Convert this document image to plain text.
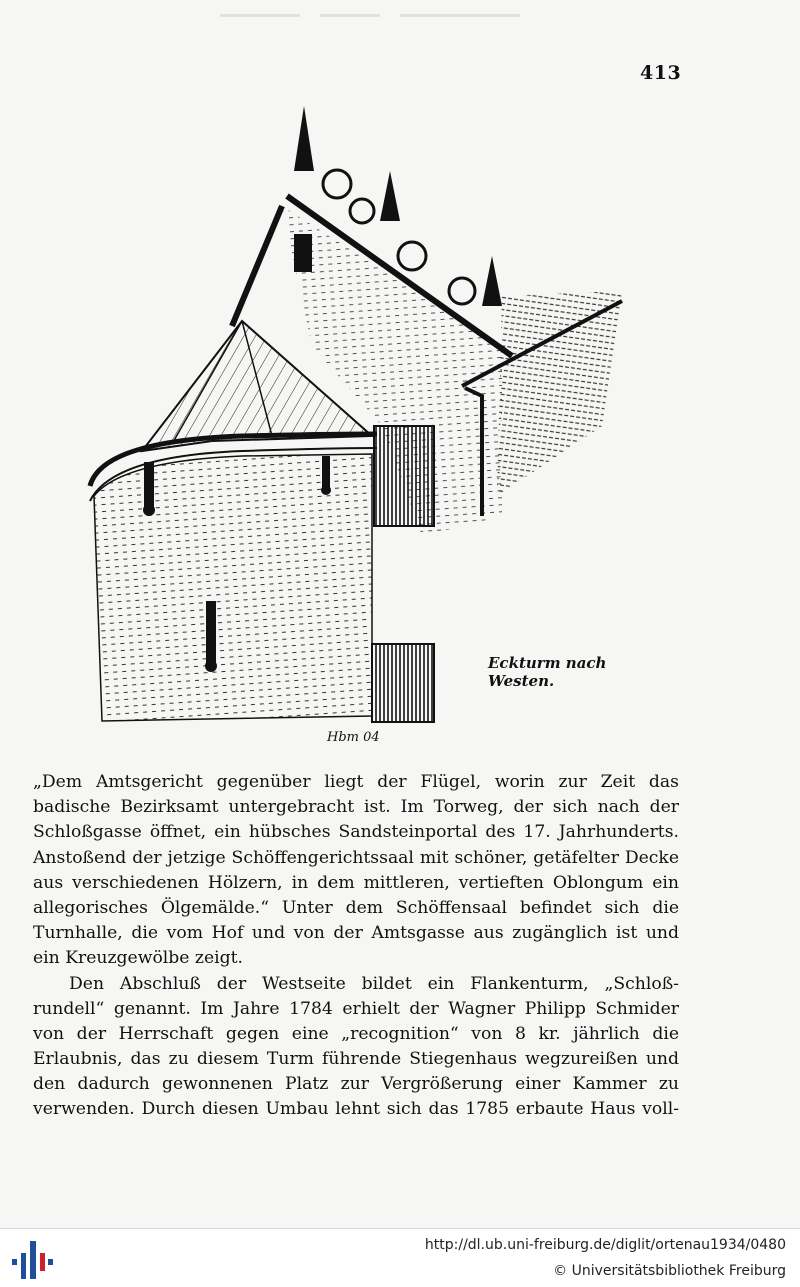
413
Hbm 04
Eckturm nach Westen.
„Dem Amtsgericht gegenüber liegt der Flügel, worin zur Zeit das
badische Bezirksamt untergebracht ist. Im Torweg, der sich nach der
Schloßgasse öffnet, ein hübsches Sandsteinportal des 17. Jahrhunderts.
Anstoßend der jetzige Schöffengerichtssaal mit schöner, getäfelter Decke
aus verschiedenen Hölzern, in dem mittleren, vertieften Oblongum ein
allegorisches Ölgemälde.“ Unter dem Schöffensaal befindet sich die
Turnhalle, die vom Hof und von der Amtsgasse aus zugänglich ist und
ein Kreuzgewölbe zeigt.
Den Abschluß der Westseite bildet ein Flankenturm, „Schloß-
rundell“ genannt. Im Jahre 1784 erhielt der Wagner Philipp Schmider
von der Herrschaft gegen eine „recognition“ von 8 kr. jährlich die
Erlaubnis, das zu diesem Turm führende Stiegenhaus wegzureißen und
den dadurch gewonnenen Platz zur Vergrößerung einer Kammer zu
verwenden. Durch diesen Umbau lehnt sich das 1785 erbaute Haus voll-
http://dl.ub.uni-freiburg.de/diglit/ortenau1934/0480
© Universitätsbibliothek Freiburg
